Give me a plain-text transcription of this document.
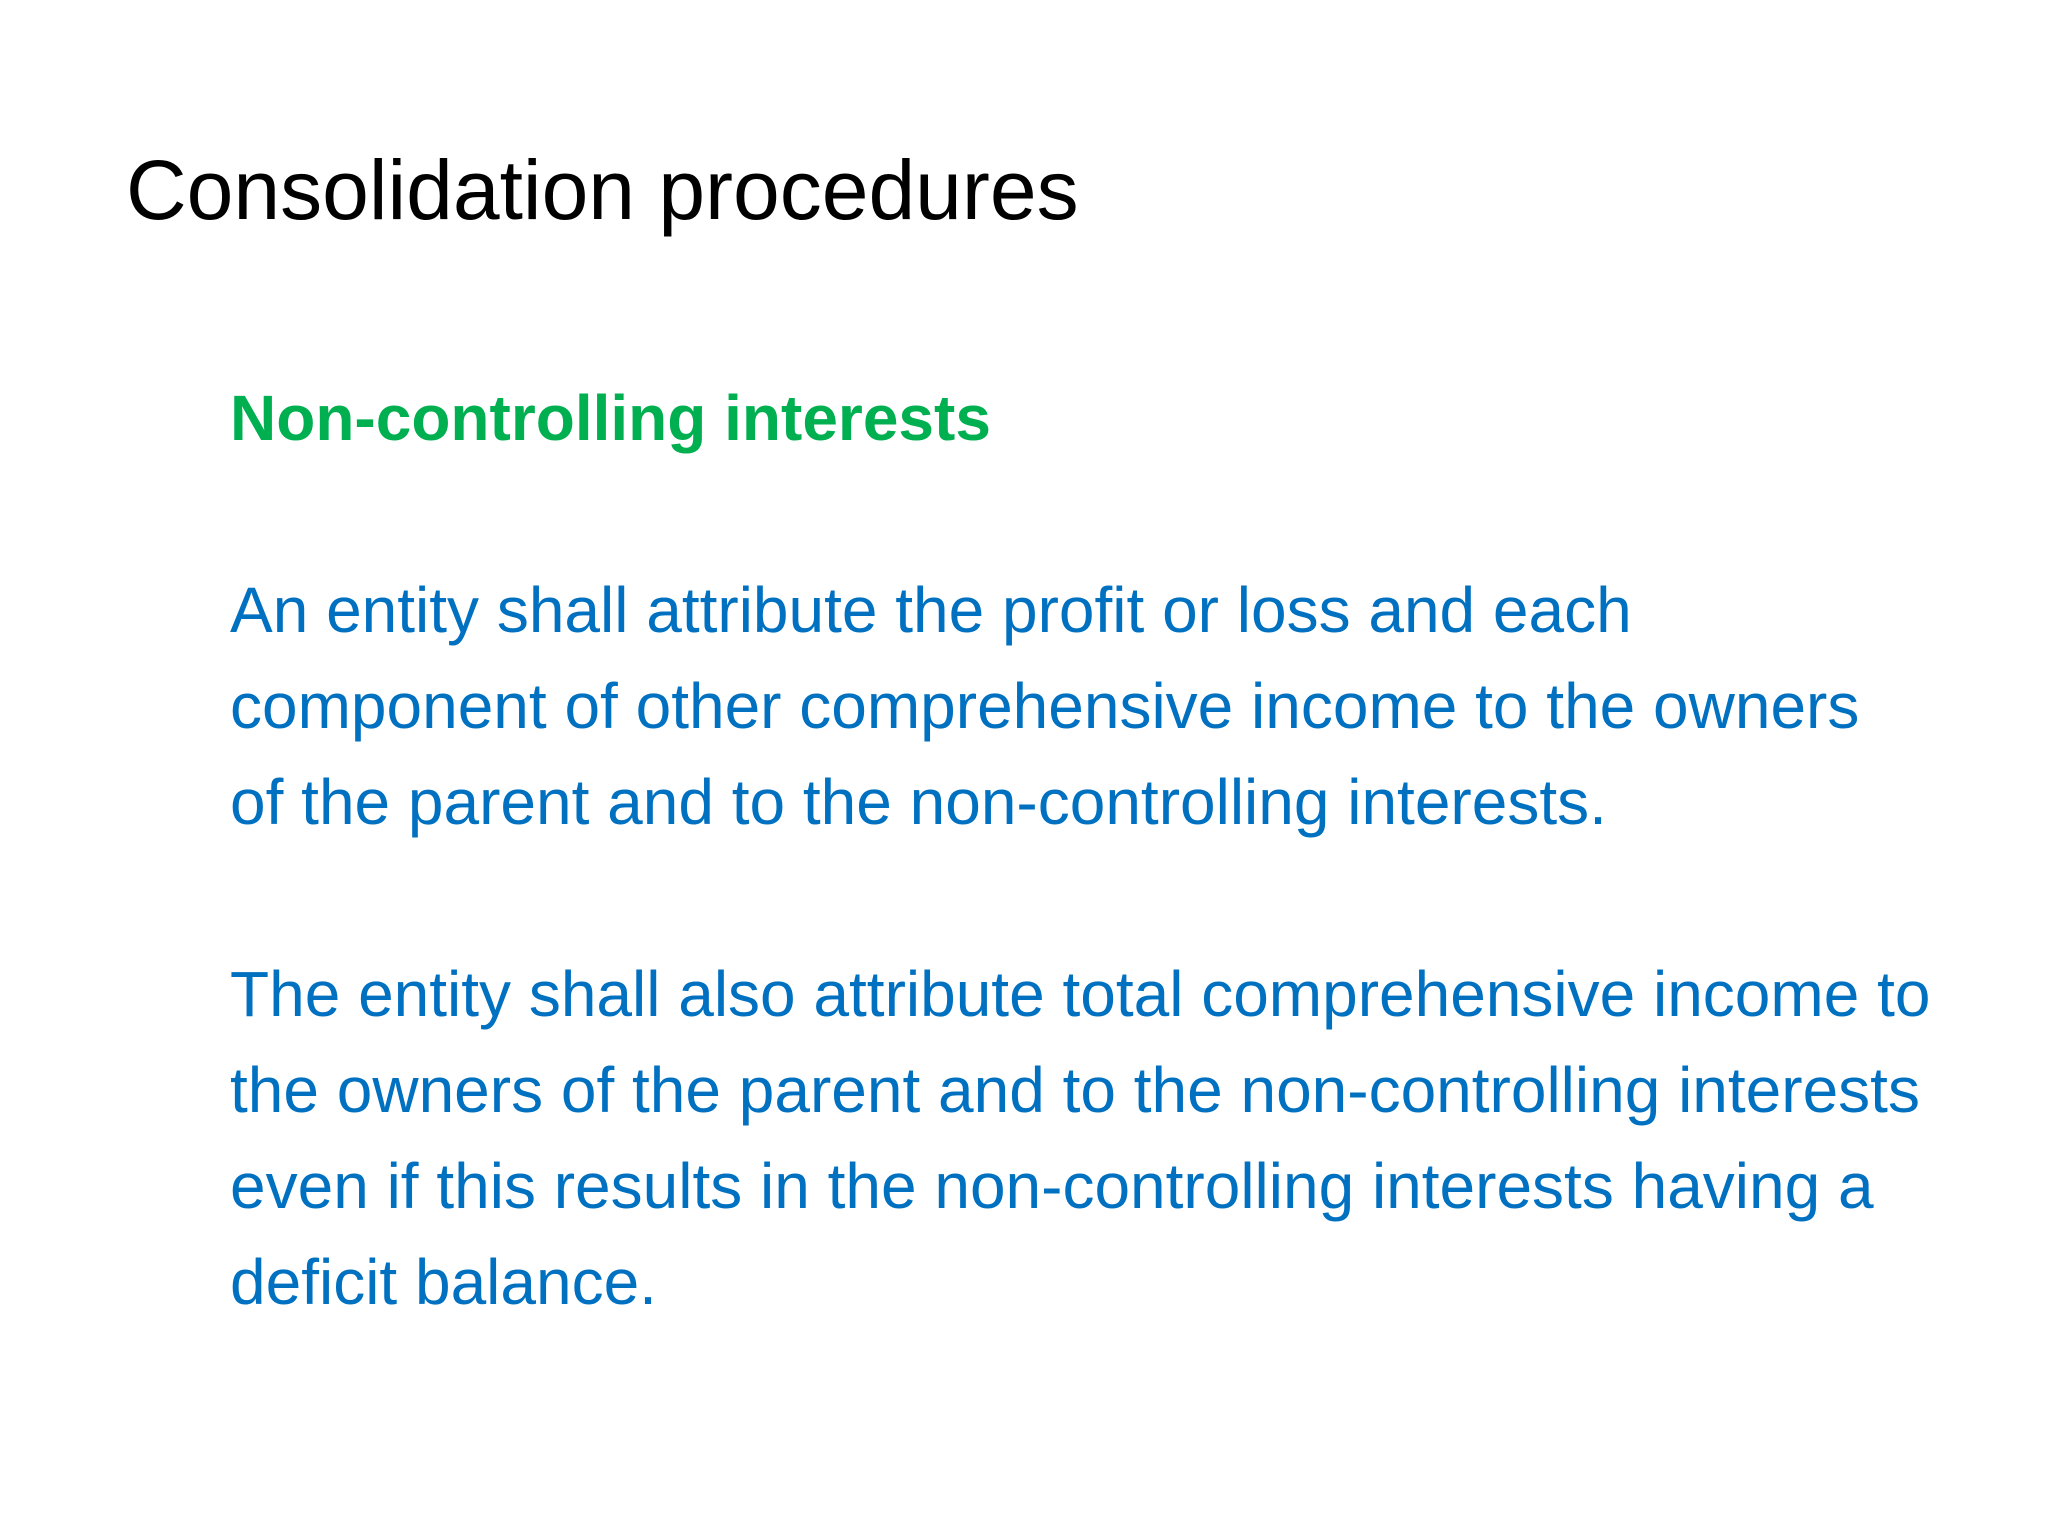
Consolidation procedures
Non-controlling interests

An entity shall attribute the profit or loss and each component of other comprehensive income to the owners of the parent and to the non-controlling interests.

The entity shall also attribute total comprehensive income to the owners of the parent and to the non-controlling interests even if this results in the non-controlling interests having a deficit balance.
